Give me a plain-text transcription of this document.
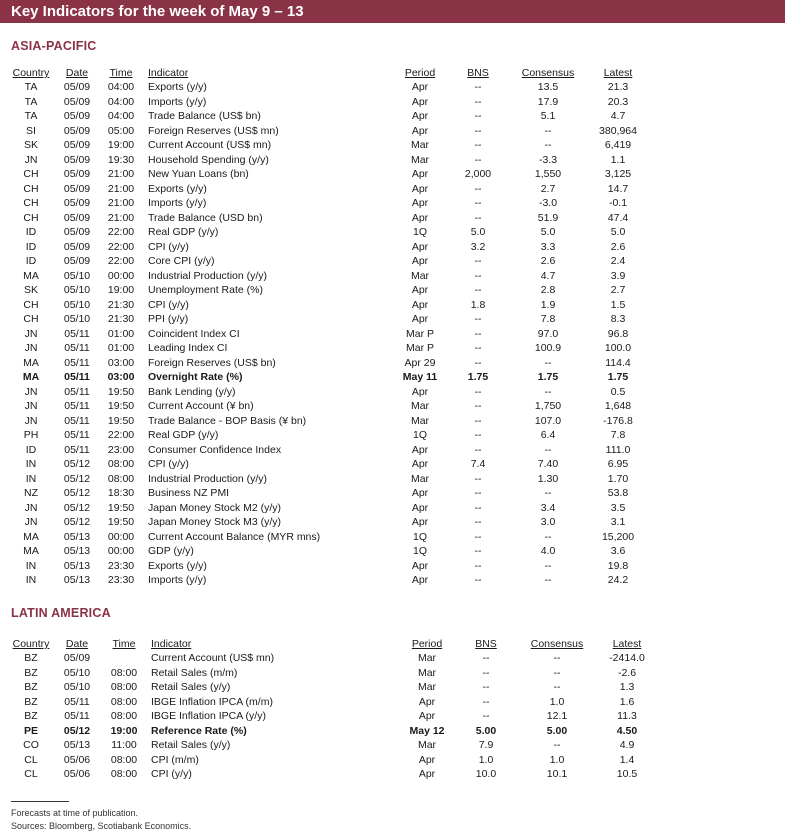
Key Indicators for the week of May 9 – 13
ASIA-PACIFIC
Country Date Time Indicator	Period	BNS	Consensus	Latest
TA	05/09 04:00 Exports (y/y)	Apr	--	13.5	21.3
TA	05/09 04:00 Imports (y/y)	Apr	--	17.9	20.3
TA	05/09 04:00 Trade Balance (US$ bn)	Apr	--	5.1	4.7
SI	05/09 05:00 Foreign Reserves (US$ mn)	Apr	--	--	380,964
SK 05/09 19:00 Current Account (US$ mn)	Mar	--	--	6,419
JN	05/09 19:30 Household Spending (y/y)	Mar	--	-3.3	1.1
CH 05/09 21:00 New Yuan Loans (bn)	Apr	2,000	1,550	3,125
CH 05/09 21:00 Exports (y/y)	Apr	--	2.7	14.7
CH 05/09 21:00 Imports (y/y)	Apr	--	-3.0	-0.1
CH 05/09 21:00 Trade Balance (USD bn)	Apr	--	51.9	47.4
ID	05/09 22:00 Real GDP (y/y)	1Q	5.0	5.0	5.0
ID	05/09 22:00 CPI (y/y)	Apr	3.2	3.3	2.6
ID	05/09 22:00 Core CPI (y/y)	Apr	--	2.6	2.4
MA 05/10 00:00 Industrial Production (y/y)	Mar	--	4.7	3.9
SK 05/10 19:00 Unemployment Rate (%)	Apr	--	2.8	2.7
CH 05/10 21:30 CPI (y/y)	Apr	1.8	1.9	1.5
CH 05/10 21:30 PPI (y/y)	Apr	--	7.8	8.3
JN	05/11 01:00 Coincident Index CI	Mar P	--	97.0	96.8
JN	05/11 01:00 Leading Index CI	Mar P	--	100.9	100.0
MA 05/11 03:00 Foreign Reserves (US$ bn)	Apr 29	--	--	114.4
MA 05/11 03:00 Overnight Rate (%)	May 11	1.75	1.75	1.75
JN	05/11 19:50 Bank Lending (y/y)	Apr	--	--	0.5
JN	05/11 19:50 Current Account (¥ bn)	Mar	--	1,750	1,648
JN	05/11 19:50 Trade Balance - BOP Basis (¥ bn)	Mar	--	107.0	-176.8
PH 05/11 22:00 Real GDP (y/y)	1Q	--	6.4	7.8
ID	05/11 23:00 Consumer Confidence Index	Apr	--	--	111.0
IN	05/12 08:00 CPI (y/y)	Apr	7.4	7.40	6.95
IN	05/12 08:00 Industrial Production (y/y)	Mar	--	1.30	1.70
NZ 05/12 18:30 Business NZ PMI	Apr	--	--	53.8
JN	05/12 19:50 Japan Money Stock M2 (y/y)	Apr	--	3.4	3.5
JN	05/12 19:50 Japan Money Stock M3 (y/y)	Apr	--	3.0	3.1
MA 05/13 00:00 Current Account Balance (MYR mns)	1Q	--	--	15,200
MA 05/13 00:00 GDP (y/y)	1Q	--	4.0	3.6
IN	05/13 23:30 Exports (y/y)	Apr	--	--	19.8
IN	05/13 23:30 Imports (y/y)	Apr	--	--	24.2
LATIN AMERICA
Country Date Time Indicator	Period	BNS	Consensus	Latest
BZ 05/09	Current Account (US$ mn)	Mar	--	--	-2414.0
BZ 05/10 08:00 Retail Sales (m/m)	Mar	--	--	-2.6
BZ 05/10 08:00 Retail Sales (y/y)	Mar	--	--	1.3
BZ	05/11 08:00 IBGE Inflation IPCA (m/m)	Apr	--	1.0	1.6
BZ	05/11 08:00 IBGE Inflation IPCA (y/y)	Apr	--	12.1	11.3
PE 05/12 19:00 Reference Rate (%)	May 12	5.00	5.00	4.50
CO 05/13 11:00 Retail Sales (y/y)	Mar	7.9	--	4.9
CL 05/06 08:00 CPI (m/m)	Apr	1.0	1.0	1.4
CL 05/06 08:00 CPI (y/y)	Apr	10.0	10.1	10.5
Forecasts at time of publication.
Sources: Bloomberg, Scotiabank Economics.
